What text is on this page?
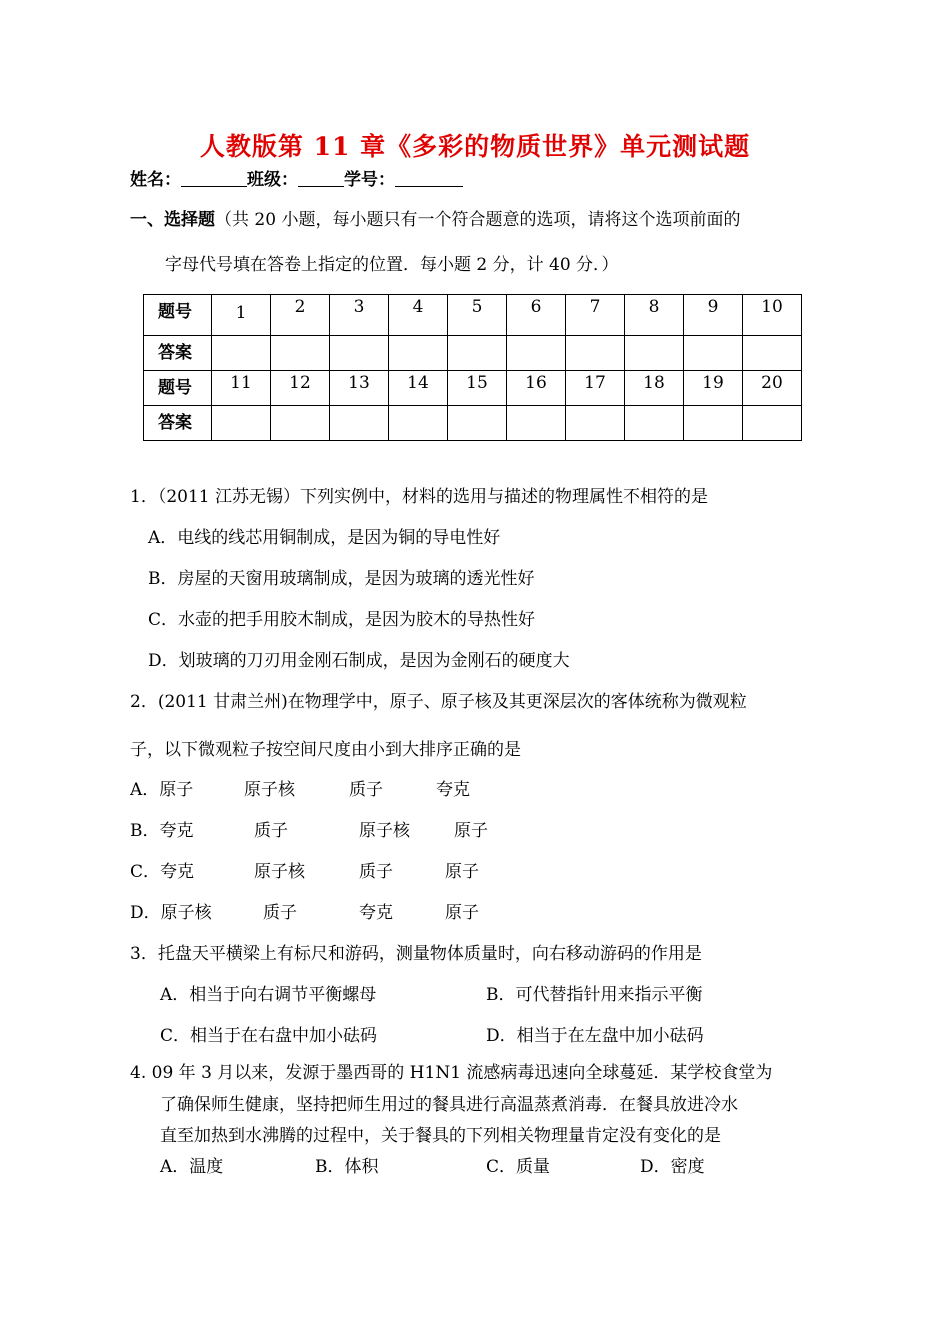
人教版第 11 章《多彩的物质世界》单元测试题
姓名：	班级：	学号：
一、选择题（共 20 小题，每小题只有一个符合题意的选项，请将这个选项前面的
字母代号填在答卷上指定的位置．每小题 2 分，计 40 分．）
题号	1	2	3	4	5	6	7	8	9	10
答案										
题号	11	12	13	14	15	16	17	18	19	20
答案										
1．（2011 江苏无锡）下列实例中，材料的选用与描述的物理属性不相符的是
A．电线的线芯用铜制成，是因为铜的导电性好
B．房屋的天窗用玻璃制成，是因为玻璃的透光性好
C．水壶的把手用胶木制成，是因为胶木的导热性好
D．划玻璃的刀刃用金刚石制成，是因为金刚石的硬度大
2．(2011 甘肃兰州)在物理学中，原子、原子核及其更深层次的客体统称为微观粒
子，以下微观粒子按空间尺度由小到大排序正确的是
A．原子	原子核	质子	夸克
B．夸克	质子	原子核	原子
C．夸克	原子核	质子	原子
D．原子核	质子	夸克	原子
3．托盘天平横梁上有标尺和游码，测量物体质量时，向右移动游码的作用是
A．相当于向右调节平衡螺母	B．可代替指针用来指示平衡
C．相当于在右盘中加小砝码	D．相当于在左盘中加小砝码
4. 09 年 3 月以来，发源于墨西哥的 H1N1 流感病毒迅速向全球蔓延．某学校食堂为
了确保师生健康，坚持把师生用过的餐具进行高温蒸煮消毒．在餐具放进冷水
直至加热到水沸腾的过程中，关于餐具的下列相关物理量肯定没有变化的是
A．温度	B．体积	C．质量	D．密度
